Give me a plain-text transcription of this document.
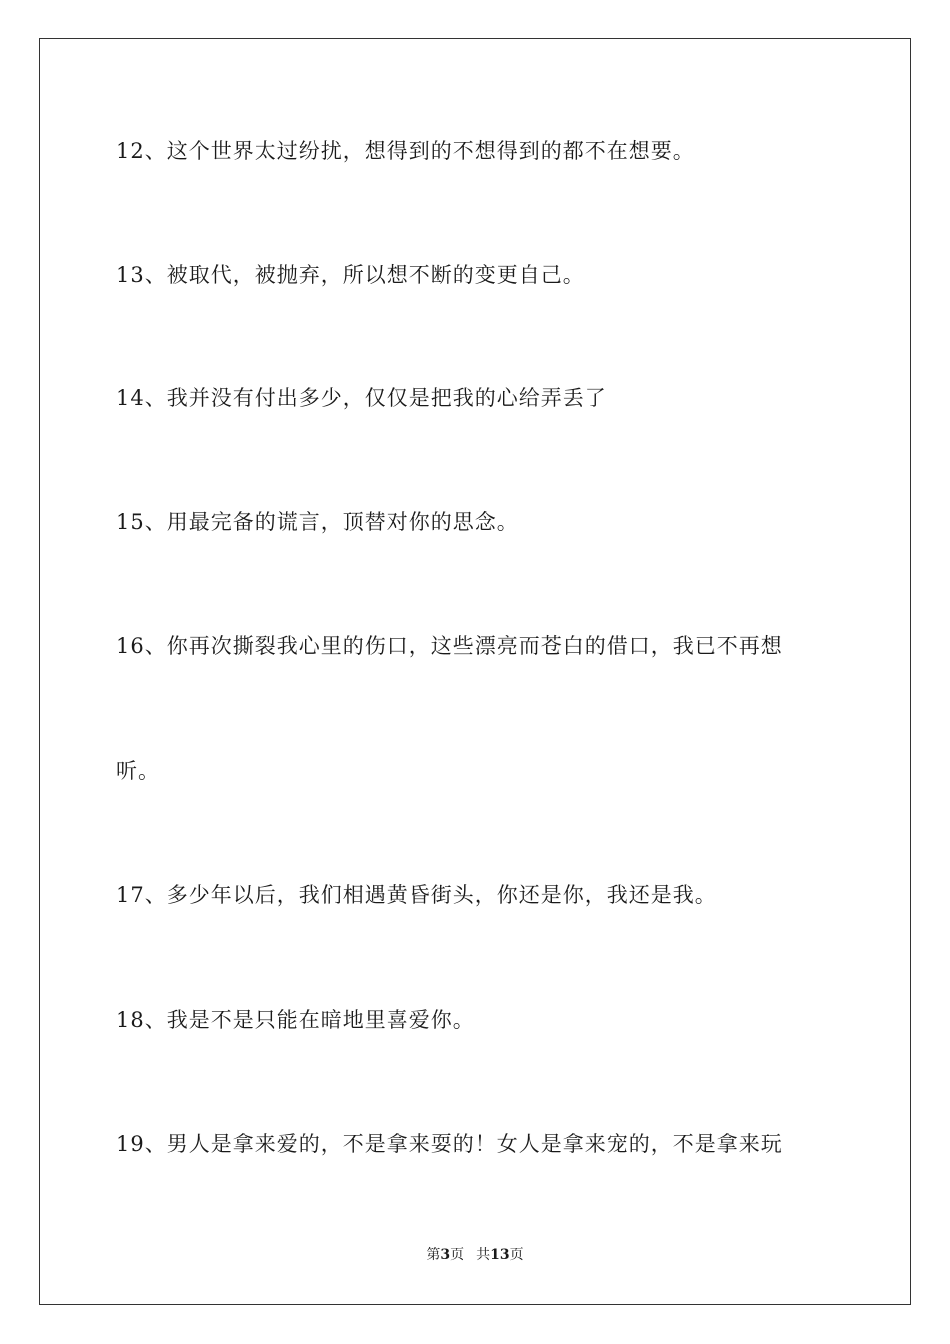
12、这个世界太过纷扰，想得到的不想得到的都不在想要。
13、被取代，被抛弃，所以想不断的变更自己。
14、我并没有付出多少，仅仅是把我的心给弄丢了
15、用最完备的谎言，顶替对你的思念。
16、你再次撕裂我心里的伤口，这些漂亮而苍白的借口，我已不再想
听。
17、多少年以后，我们相遇黄昏街头，你还是你，我还是我。
18、我是不是只能在暗地里喜爱你。
19、男人是拿来爱的，不是拿来耍的！女人是拿来宠的，不是拿来玩
第3页 共13页
